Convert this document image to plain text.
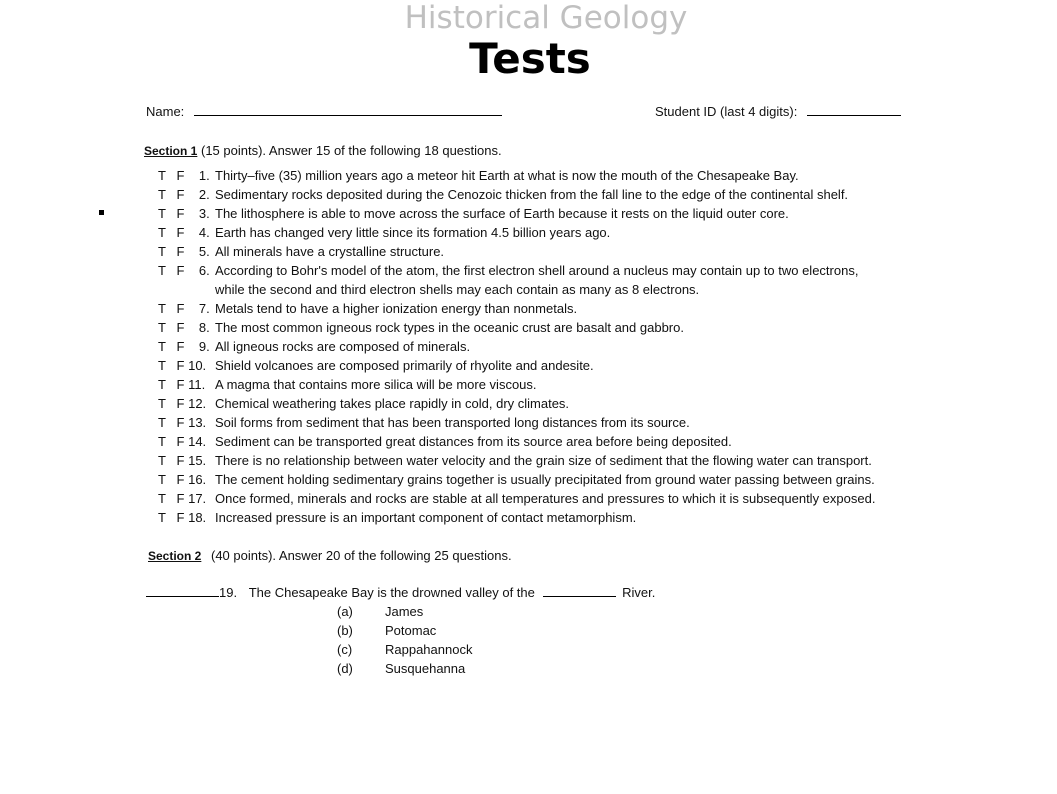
Historical Geology
Tests
Name:	Student ID (last 4 digits):
Section 1 (15 points). Answer 15 of the following 18 questions.
T   F    1. Thirty–five (35) million years ago a meteor hit Earth at what is now the mouth of the Chesapeake Bay.
T   F    2. Sedimentary rocks deposited during the Cenozoic thicken from the fall line to the edge of the continental shelf.
T   F    3. The lithosphere is able to move across the surface of Earth because it rests on the liquid outer core.
T   F    4. Earth has changed very little since its formation 4.5 billion years ago.
T   F    5. All minerals have a crystalline structure.
T   F    6. According to Bohr's model of the atom, the first electron shell around a nucleus may contain up to two electrons,
while the second and third electron shells may each contain as many as 8 electrons.
T   F    7. Metals tend to have a higher ionization energy than nonmetals.
T   F    8. The most common igneous rock types in the oceanic crust are basalt and gabbro.
T   F    9. All igneous rocks are composed of minerals.
T   F 10. Shield volcanoes are composed primarily of rhyolite and andesite.
T   F 11. A magma that contains more silica will be more viscous.
T   F 12. Chemical weathering takes place rapidly in cold, dry climates.
T   F 13. Soil forms from sediment that has been transported long distances from its source.
T   F 14. Sediment can be transported great distances from its source area before being deposited.
T   F 15. There is no relationship between water velocity and the grain size of sediment that the flowing water can transport.
T   F 16. The cement holding sedimentary grains together is usually precipitated from ground water passing between grains.
T   F 17. Once formed, minerals and rocks are stable at all temperatures and pressures to which it is subsequently exposed.
T   F 18. Increased pressure is an important component of contact metamorphism.
Section 2 (40 points). Answer 20 of the following 25 questions.
19. The Chesapeake Bay is the drowned valley of the	River.
(a) James
(b) Potomac
(c)	Rappahannock
(d) Susquehanna
